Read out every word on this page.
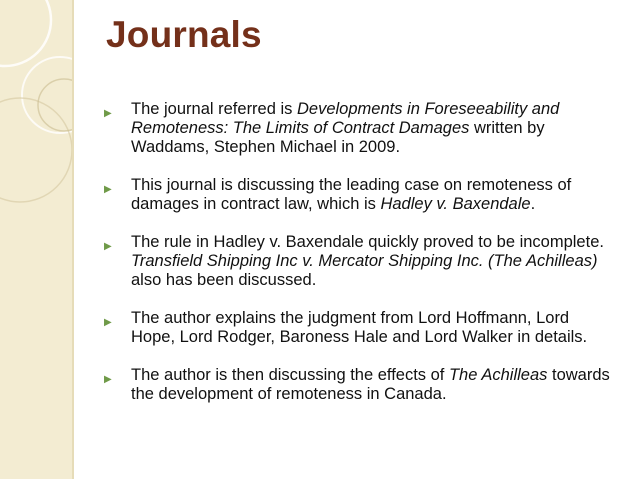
Journals
▶ The journal referred is Developments in Foreseeability and Remoteness: The Limits of Contract Damages written by Waddams, Stephen Michael in 2009.
▶ This journal is discussing the leading case on remoteness of damages in contract law, which is Hadley v. Baxendale.
▶ The rule in Hadley v. Baxendale quickly proved to be incomplete. Transfield Shipping Inc v. Mercator Shipping Inc. (The Achilleas) also has been discussed.
▶ The author explains the judgment from Lord Hoffmann, Lord Hope, Lord Rodger, Baroness Hale and Lord Walker in details.
▶ The author is then discussing the effects of The Achilleas towards the development of remoteness in Canada.
